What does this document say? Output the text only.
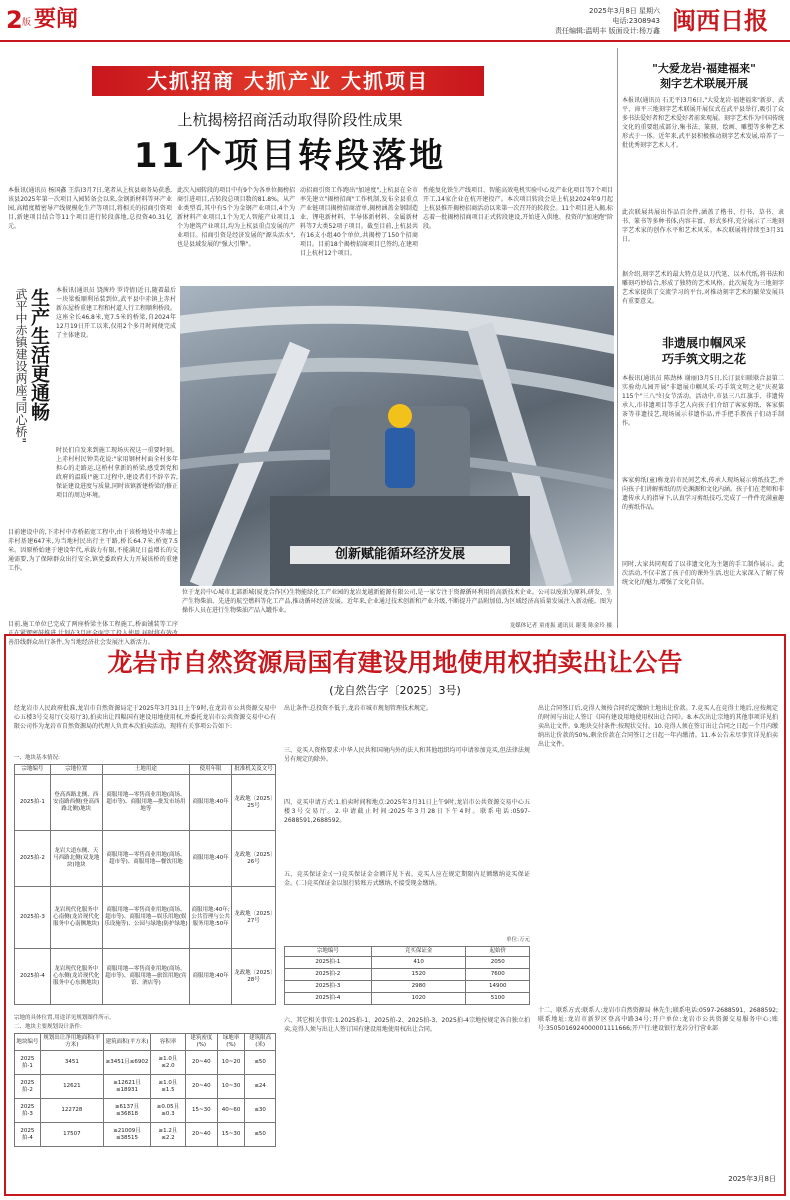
2 版 要闻	2025年3月8日 星期六
电话:2308943
责任编辑:温明丰 版面设计:杨万鑫 闽西日报
大抓招商 大抓产业 大抓项目
上杭揭榜招商活动取得阶段性成果
11个项目转段落地
本报讯(通讯员 杨国鑫 王浩)3月7日,笔者从上杭县商务局获悉,该县2025年第一次项目入园转备会以来,金钢新材料等环产业园,高精度精密导产线规模化生产等项目,将相关的招商引资项目,新建项目结合等11个项目进行转段落地,总投资40.31亿元。
此次入园转段的项目中有9个为各单位揭榜招商引进项目,占转段总项目数的81.8%。从产业类型看,其中有5个为金钢产业项目,4个为新材料产业项目,1个为无人智能产业项目,1个为建筑产业项目,均为上杭县重点发展的产业项目。招商引资是经济发展的"源头活水",也是县域发展的"强大引擎"。
动招商引资工作跑出"加速度",上杭县在全市率先建立"揭榜招商"工作机制,发布全县重点产业链项目揭榜招商清单,揭榜涵盖金钢制造业、锂电新材料、半导体新材料、金属新材料等7大类52项子项目。截至目前,上杭县共有16支小组40个单位,共揭榜了150个招商项目。目前18个揭榜招商项目已签约,在建项目上杭村12个项目。
性能复化铁生产线项目、智能高效电机实验中心及产业化项目等7个项目开工,14家企业在杭开建投产。本次项目转段会是上杭县2024年9月起上杭县推开揭榜招商活动以来第一次召开的转段会。11个项目进入揭,标志着一批揭榜招商项目正式转段建设,开始进入供地、投资的"加速跑"阶段。
武平中赤镇建设两座"同心桥" 生产生活更通畅 本报讯(通讯员 饶茜玲 罗诗倩)近日,随着最后一块梁板顺利吊装到位,武平县中赤镇上赤村新东屋桥重建工程和村道人行工程顺利桥段。这座全长46.8米,宽7.5米的桥梁,自2024年12月19日开工以来,仅用2个多月时间便完成了主体建设。
时民们自发来到施工现场庆祝这一重要时刻。上赤村村民钟美花说:"家用钢材村面全村多年担心的走路运,这桥村拿新的桥梁,感受到党和政府的温暖!"施工过程中,建设者们不辞辛苦,保证建设进度与质量,同时该镇新建桥梁的修正项目的周边环境。
目前建设中的,下赤村中赤桥拓宽工程中,由于该桥地处中赤墟上赤村基建647米,为当地村民出行主干路,桥长64.7米,桥宽7.5米。因原桥始建于建设年代,承载力有限,不能满足日益增长的交通需要,为了保障群众出行安全,镇党委政府大力开展该桥的重建工作。
目前,施工单位已完成了两座桥梁主体工程施工,桥面铺装等工序正在紧锣密鼓推进,计划在3月底全面完工投入使用,届时将有效改善沿线群众出行条件,为当地经济社会发展注入新活力。
创新赋能循环经济发展
位于龙岩中心城市北部新城(厦龙合作区)生物能绿化工产业园的龙岩龙越新能源有限公司,是一家专注于资源循环利用的高新技术企业。公司以废油为原料,研发、生产生物柴油、先进的航空燃料等化工产品,推动循环经济发展。近年来,企业通过技术创新和产业升级,不断提升产品附加值,为区域经济高质量发展注入新动能。图为操作人员在进行生物柴油产品入罐作业。
龙媒体记者 童甫振 通讯员 谢斐 陈金玲 摄
"大爱龙岩·福建福来"
刻字艺术联展开展
本报讯(通讯员 石无平)3月6日,"大爱龙岩·福建福来"新岁、武平、漳平三地刻字艺术联展开展仪式在武平县举行,吸引了众多书法爱好者和艺术爱好者前来观展。刻字艺术作为中国传统文化的重要组成部分,集书法、篆刻、绘画、雕塑等多种艺术形式于一体。近年来,武平县积极推动刻字艺术发展,培养了一批优秀刻字艺术人才。
此次联展共展出作品百余件,涵盖了楷书、行书、草书、隶书、篆书等多种书体,内容丰富、形式多样,充分展示了三地刻字艺术家的创作水平和艺术风采。本次联展将持续至3月31日。
据介绍,刻字艺术的最大特点是以刀代笔、以木代纸,将书法和雕刻巧妙结合,形成了独特的艺术风格。此次展览为三地刻字艺术家提供了交流学习的平台,对推动刻字艺术的繁荣发展具有重要意义。
非遗展巾帼风采
巧手筑文明之花
本报讯(通讯员 陈劲林 谢丽)3月5日,长汀县妇联联合县第二实验幼儿园开展"非遗展巾帼风采·巧手筑文明之花"庆祝第115个"三八"妇女节活动。活动中,市县三八红旗手、非遗传承人,市非遗项目等手艺人向孩子们介绍了客家剪纸、客家擂茶等非遗技艺,现场展示非遗作品,并手把手教孩子们动手制作。
客家剪纸(童)称龙岩市民间艺术,传承人现场展示剪纸技艺,并向孩子们讲解剪纸的历史渊源和文化内涵。孩子们在老师和非遗传承人的指导下,认真学习剪纸技巧,完成了一件件充满童趣的剪纸作品。
同时,大家共同观看了以非遗文化为主题的手工制作展示。此次活动,不仅丰富了孩子们的课外生活,也让大家深入了解了传统文化的魅力,增强了文化自信。
龙岩市自然资源局国有建设用地使用权拍卖出让公告
(龙自然告字〔2025〕3号)
经龙岩市人民政府批准,龙岩市自然资源局定于2025年3月31日上午9时,在龙岩市公共资源交易中心五楼3号交易厅(交易厅3),拍卖出让四幅国有建设用地使用权,并委托龙岩市公共资源交易中心有限公司作为龙岩市自然资源局的代理人负责本次拍卖活动。现将有关事项公告如下:
一、地块基本情况:
宗地编号	宗地位置	土地用途	使用年限	批准机关及文号
2025拍-1	登高西路北侧、西安南路西侧(登高西路北侧)地块	商服用地—零售商业用地(商场、超市等)、商服用地—批发市场用地等	商服用地:40年	龙政地〔2025〕25号
2025拍-2	龙岩大道东侧、天马西路北侧(双龙地块)地块	商服用地—零售商业用地(商场、超市等)、商服用地—餐饮用地	商服用地:40年	龙政地〔2025〕26号
2025拍-3	龙岩现代化服务中心南侧(龙岩现代化服务中心南侧地块)	商服用地—零售商业用地(商场、超市等)、商服用地—娱乐用地(娱乐设施等)、公园与绿地(防护绿地)	商服用地:40年;公共管理与公共服务用地:50年	龙政地〔2025〕27号
2025拍-4	龙岩现代化服务中心东侧(龙岩现代化服务中心东侧地块)	商服用地—零售商业用地(商场、超市等)、商服用地—旅馆用地(宾馆、酒店等)	商服用地:40年	龙政地〔2025〕28号
宗地的具体位置,用途详见规划图件所示。
二、地块主要规划设计条件:
地块编号	规划出让净用地面积(平方米)	建筑面积(平方米)	容积率	建筑密度(%)	绿地率(%)	建筑限高(米)
2025拍-1	3451	≥3451且≤6902	≥1.0且≤2.0	20~40	10~20	≤50
2025拍-2	12621	≥12621且≤18931	≥1.0且≤1.5	20~40	10~30	≤24
2025拍-3	122728	≥6137且≤36818	≥0.05且≤0.3	15~30	40~60	≤30
2025拍-4	17507	≥21009且≤38515	≥1.2且≤2.2	20~40	15~30	≤50
出让条件:总投资不低于,龙岩市城市规划管理技术规定。
三、竞买人资格要求:中华人民共和国境内外的法人和其他组织均可申请参加竞买,但法律法规另有规定的除外。
四、竞买申请方式:1.拍卖时间和地点:2025年3月31日上午9时,龙岩市公共资源交易中心五楼3号交易厅。2.申请截止时间:2025年3月28日下午4时。联系电话:0597-2688591,2688592。
五、竞买保证金:(一)竞买保证金金额详见下表。竞买人应在规定期限内足额缴纳竞买保证金。(二)竞买保证金以银行转账方式缴纳,不接受现金缴纳。
单位:万元
宗地编号	竞买保证金	起始价
2025拍-1	410	2050
2025拍-2	1520	7600
2025拍-3	2980	14900
2025拍-4	1020	5100
六、其它相关事宜:1.2025拍-1、2025拍-2、2025拍-3、2025拍-4宗地按规定各自独立拍卖,竞得人须与出让人签订国有建设用地使用权出让合同。
出让合同签订后,竞得人须按合同约定缴纳土地出让价款。7.竞买人在竞得土地后,应按规定的时间与出让人签订《国有建设用地使用权出让合同》。8.本次出让宗地的其他事项详见拍卖出让文件。9.地块交付条件:按现状交付。10.竞得人须在签订出让合同之日起一个月内缴纳出让价款的50%,剩余价款在合同签订之日起一年内缴清。11.本公告未尽事宜详见拍卖出让文件。
十二、联系方式:联系人:龙岩市自然资源局 林先生;联系电话:0597-2688591、2688592;联系地址:龙岩市新罗区登高中路34号;开户单位:龙岩市公共资源交易服务中心;账号:3505016924000001111666;开户行:建设银行龙岩分行营业部
2025年3月8日
